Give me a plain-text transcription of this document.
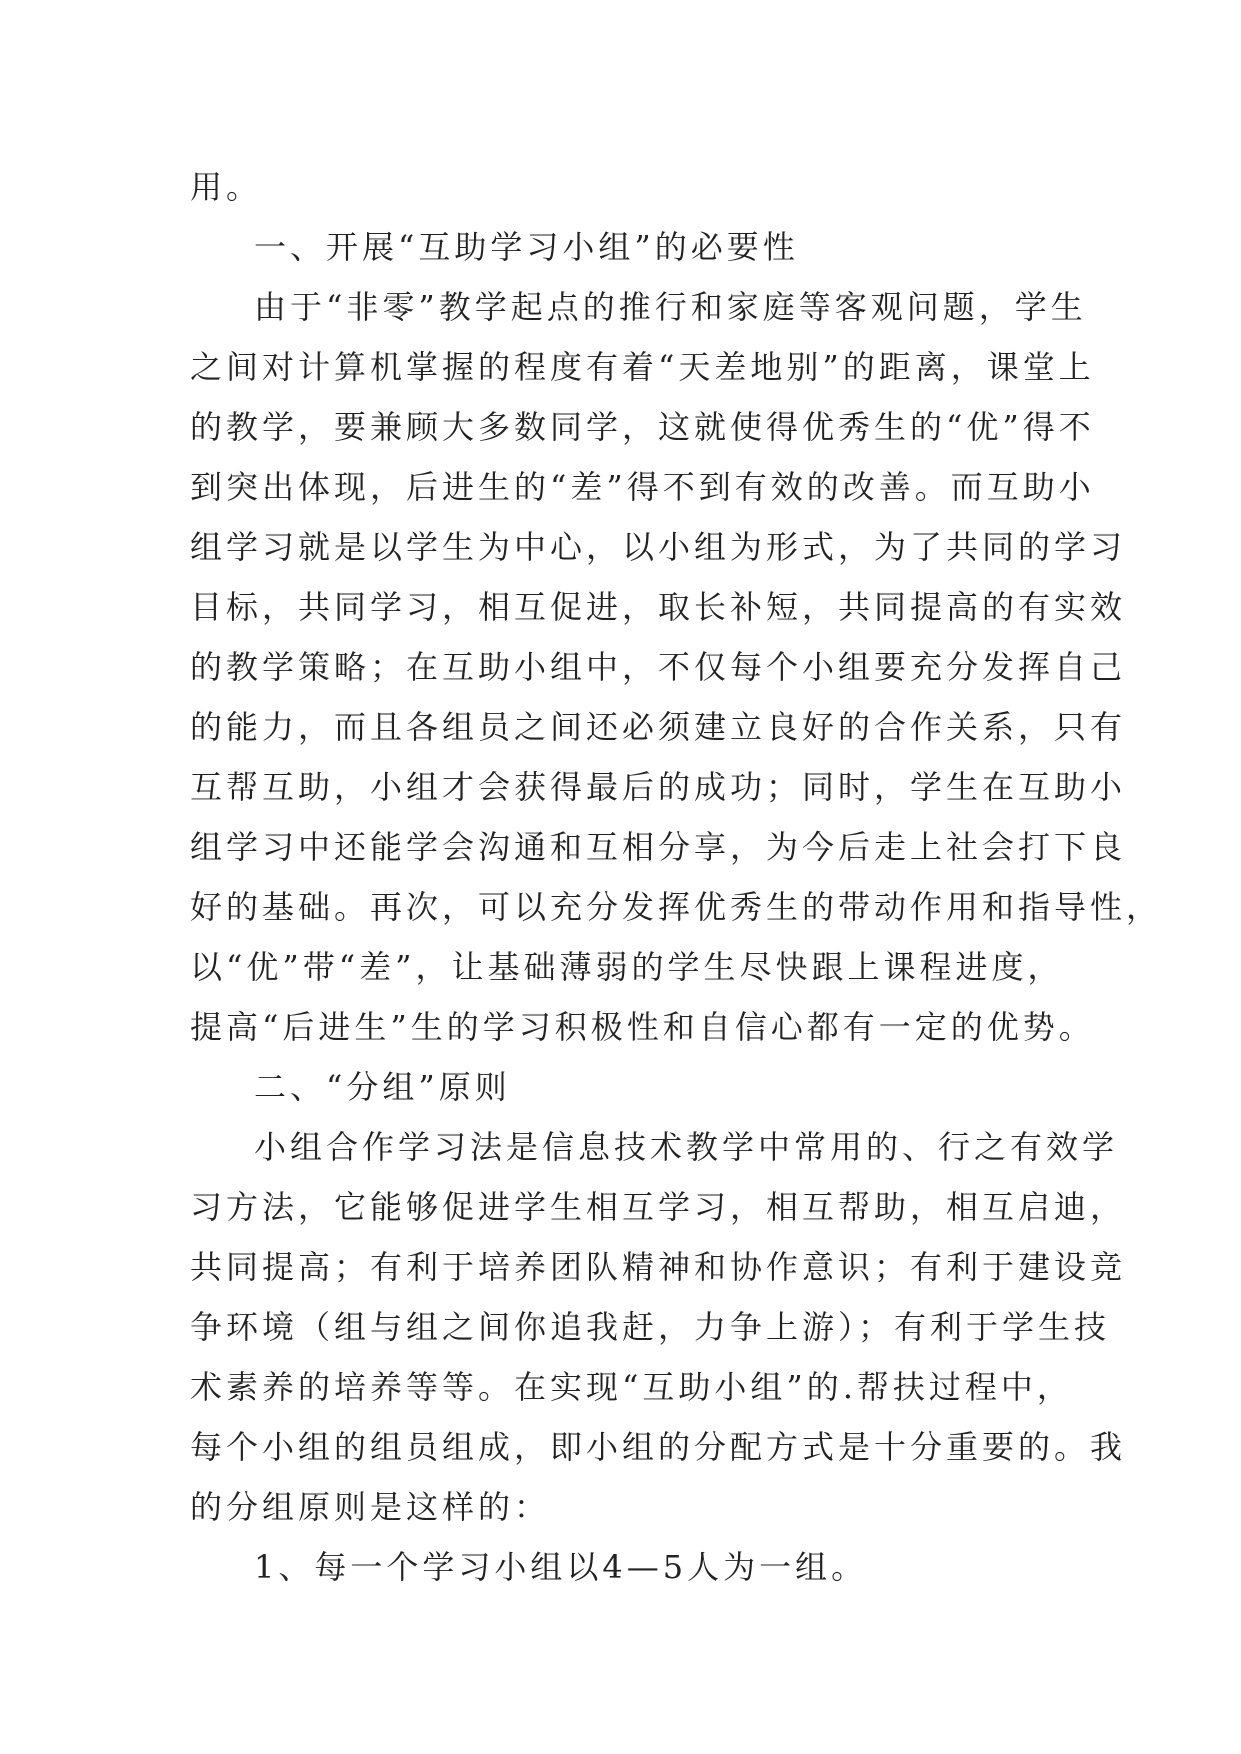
用。
一、开展“互助学习小组”的必要性
由于“非零”教学起点的推行和家庭等客观问题，学生
之间对计算机掌握的程度有着“天差地别”的距离，课堂上
的教学，要兼顾大多数同学，这就使得优秀生的“优”得不
到突出体现，后进生的“差”得不到有效的改善。而互助小
组学习就是以学生为中心，以小组为形式，为了共同的学习
目标，共同学习，相互促进，取长补短，共同提高的有实效
的教学策略；在互助小组中，不仅每个小组要充分发挥自己
的能力，而且各组员之间还必须建立良好的合作关系，只有
互帮互助，小组才会获得最后的成功；同时，学生在互助小
组学习中还能学会沟通和互相分享，为今后走上社会打下良
好的基础。再次，可以充分发挥优秀生的带动作用和指导性，
以“优”带“差”，让基础薄弱的学生尽快跟上课程进度，
提高“后进生”生的学习积极性和自信心都有一定的优势。
二、“分组”原则
小组合作学习法是信息技术教学中常用的、行之有效学
习方法，它能够促进学生相互学习，相互帮助，相互启迪，
共同提高；有利于培养团队精神和协作意识；有利于建设竞
争环境（组与组之间你追我赶，力争上游）；有利于学生技
术素养的培养等等。在实现“互助小组”的.帮扶过程中，
每个小组的组员组成，即小组的分配方式是十分重要的。我
的分组原则是这样的：
1、每一个学习小组以4—5人为一组。
